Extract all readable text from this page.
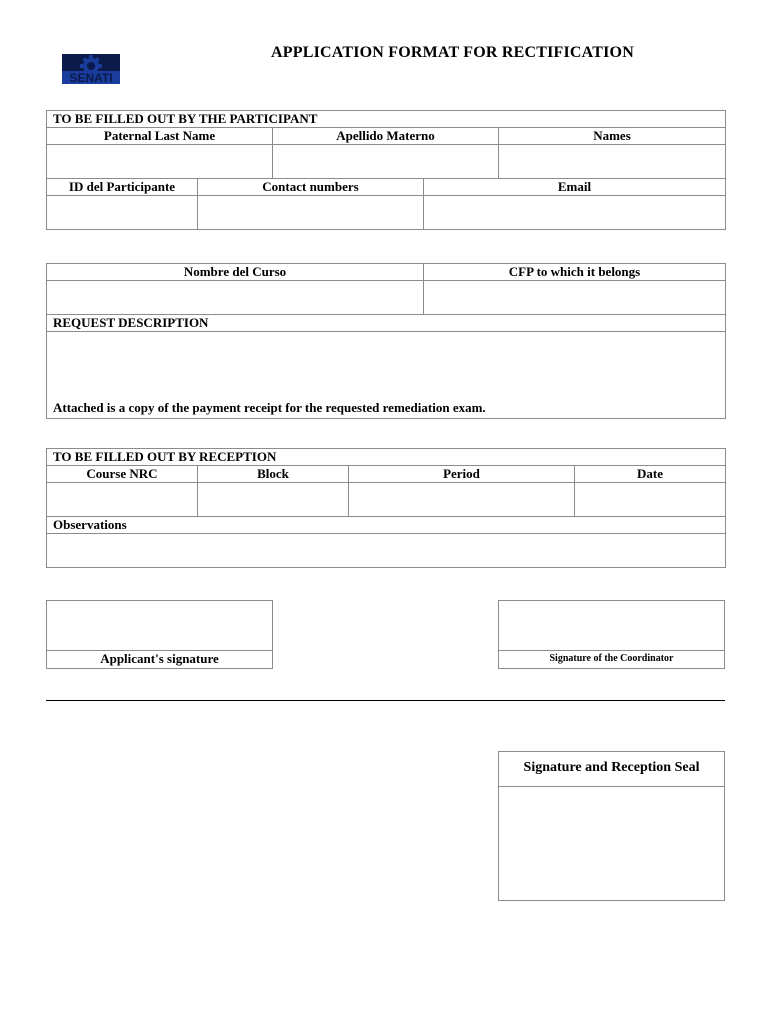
SENATI
APPLICATION FORMAT FOR RECTIFICATION
TO BE FILLED OUT BY THE PARTICIPANT				
Paternal Last Name		Apellido Materno		Names

ID del Participante	Contact numbers		Email	

Nombre del Curso	CFP to which it belongs

REQUEST DESCRIPTION	
Attached is a copy of the payment receipt for the requested remediation exam.	
TO BE FILLED OUT BY RECEPTION			
Course NRC	Block	Period	Date

Observations			

Applicant's signature	Signature of the Coordinator
Signature and Reception Seal
